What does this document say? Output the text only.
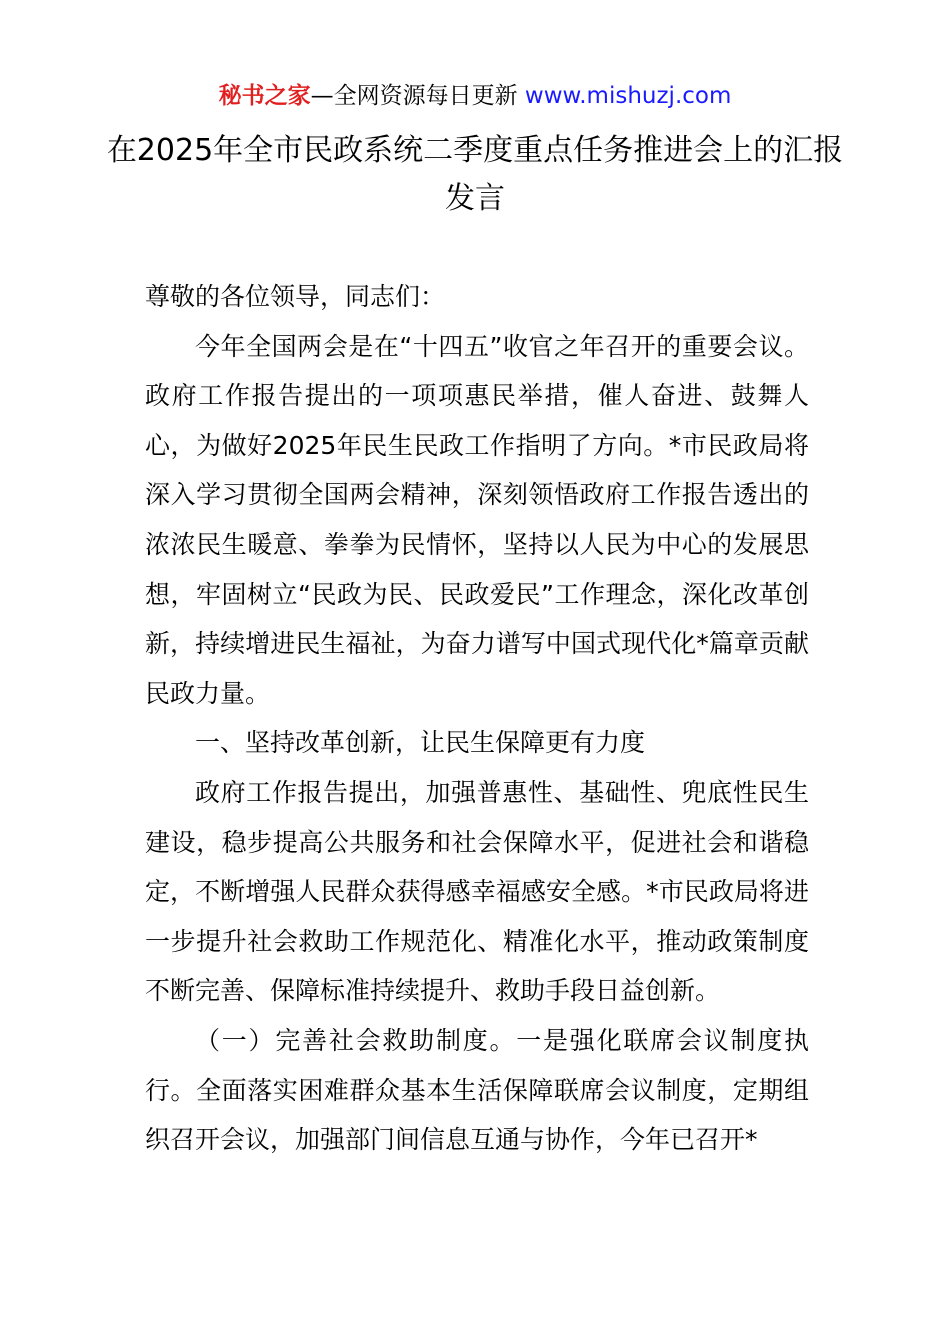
秘书之家—全网资源每日更新 www.mishuzj.com
在2025年全市民政系统二季度重点任务推进会上的汇报发言

尊敬的各位领导，同志们：

今年全国两会是在“十四五”收官之年召开的重要会议。政府工作报告提出的一项项惠民举措，催人奋进、鼓舞人心，为做好2025年民生民政工作指明了方向。*市民政局将深入学习贯彻全国两会精神，深刻领悟政府工作报告透出的浓浓民生暖意、拳拳为民情怀，坚持以人民为中心的发展思想，牢固树立“民政为民、民政爱民”工作理念，深化改革创新，持续增进民生福祉，为奋力谱写中国式现代化*篇章贡献民政力量。

一、坚持改革创新，让民生保障更有力度

政府工作报告提出，加强普惠性、基础性、兜底性民生建设，稳步提高公共服务和社会保障水平，促进社会和谐稳定，不断增强人民群众获得感幸福感安全感。*市民政局将进一步提升社会救助工作规范化、精准化水平，推动政策制度不断完善、保障标准持续提升、救助手段日益创新。

（一）完善社会救助制度。一是强化联席会议制度执行。全面落实困难群众基本生活保障联席会议制度，定期组织召开会议，加强部门间信息互通与协作，今年已召开*
